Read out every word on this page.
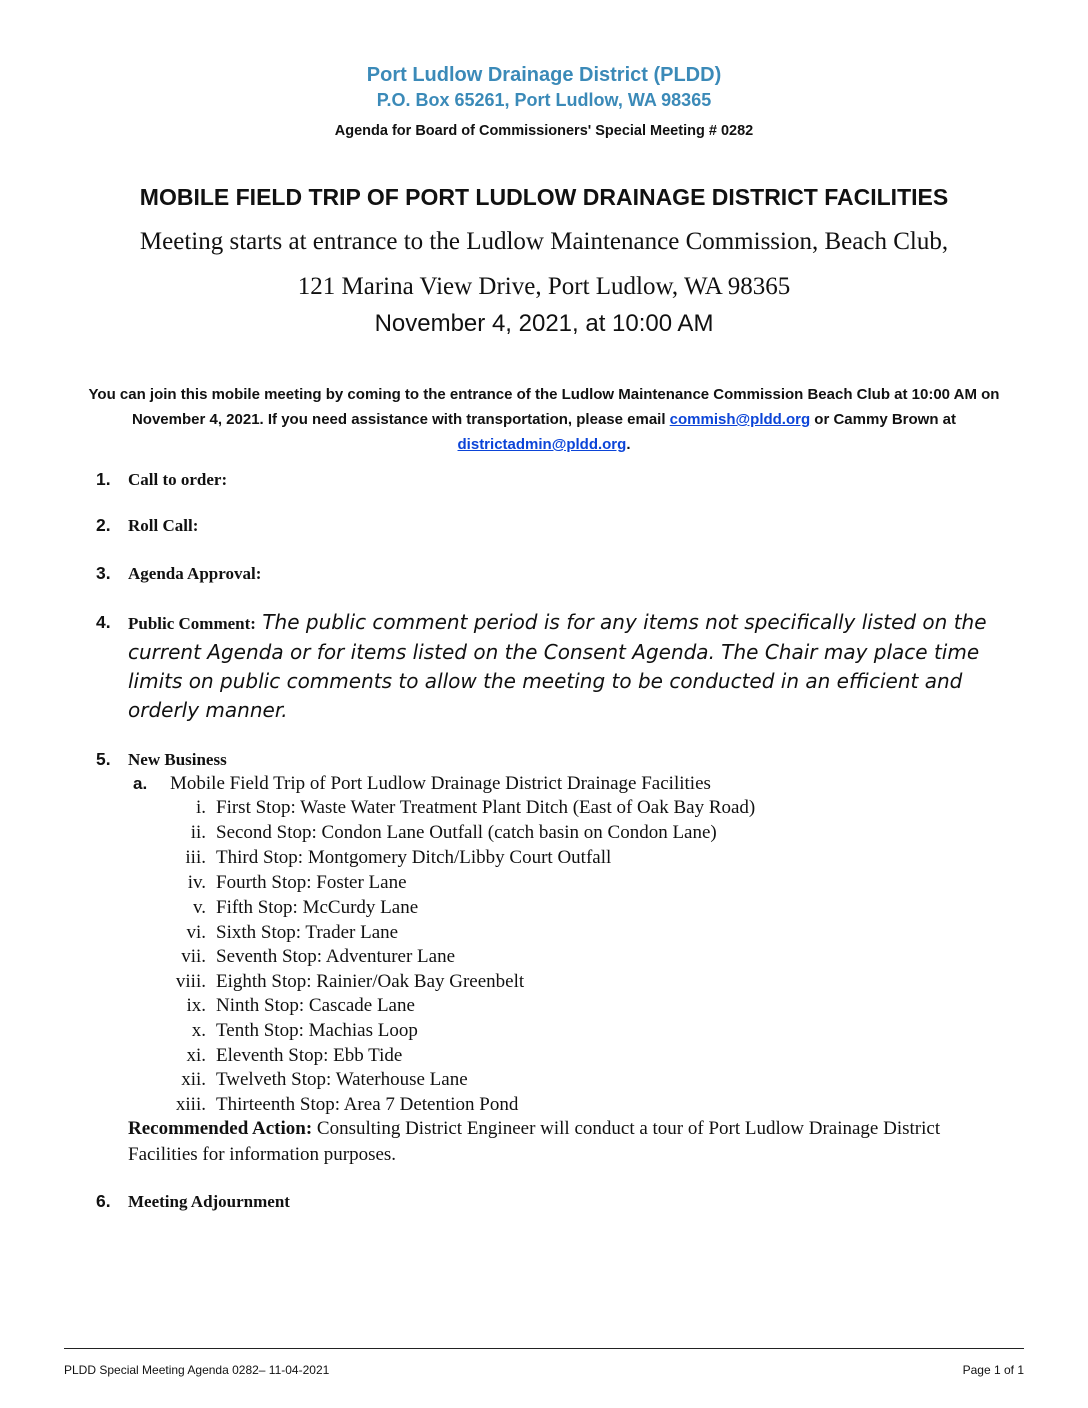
Port Ludlow Drainage District (PLDD)
P.O. Box 65261, Port Ludlow, WA 98365
Agenda for Board of Commissioners' Special Meeting # 0282
MOBILE FIELD TRIP OF PORT LUDLOW DRAINAGE DISTRICT FACILITIES
Meeting starts at entrance to the Ludlow Maintenance Commission, Beach Club,
121 Marina View Drive, Port Ludlow, WA 98365
November 4, 2021, at 10:00 AM
You can join this mobile meeting by coming to the entrance of the Ludlow Maintenance Commission Beach Club at 10:00 AM on November 4, 2021. If you need assistance with transportation, please email commish@pldd.org or Cammy Brown at districtadmin@pldd.org.
1. Call to order:
2. Roll Call:
3. Agenda Approval:
4. Public Comment: The public comment period is for any items not specifically listed on the current Agenda or for items listed on the Consent Agenda. The Chair may place time limits on public comments to allow the meeting to be conducted in an efficient and orderly manner.
5. New Business
a. Mobile Field Trip of Port Ludlow Drainage District Drainage Facilities
i. First Stop: Waste Water Treatment Plant Ditch (East of Oak Bay Road)
ii. Second Stop: Condon Lane Outfall (catch basin on Condon Lane)
iii. Third Stop: Montgomery Ditch/Libby Court Outfall
iv. Fourth Stop: Foster Lane
v. Fifth Stop: McCurdy Lane
vi. Sixth Stop: Trader Lane
vii. Seventh Stop: Adventurer Lane
viii. Eighth Stop: Rainier/Oak Bay Greenbelt
ix. Ninth Stop: Cascade Lane
x. Tenth Stop: Machias Loop
xi. Eleventh Stop: Ebb Tide
xii. Twelveth Stop: Waterhouse Lane
xiii. Thirteenth Stop: Area 7 Detention Pond
Recommended Action: Consulting District Engineer will conduct a tour of Port Ludlow Drainage District Facilities for information purposes.
6. Meeting Adjournment
PLDD Special Meeting Agenda 0282– 11-04-2021	Page 1 of 1
